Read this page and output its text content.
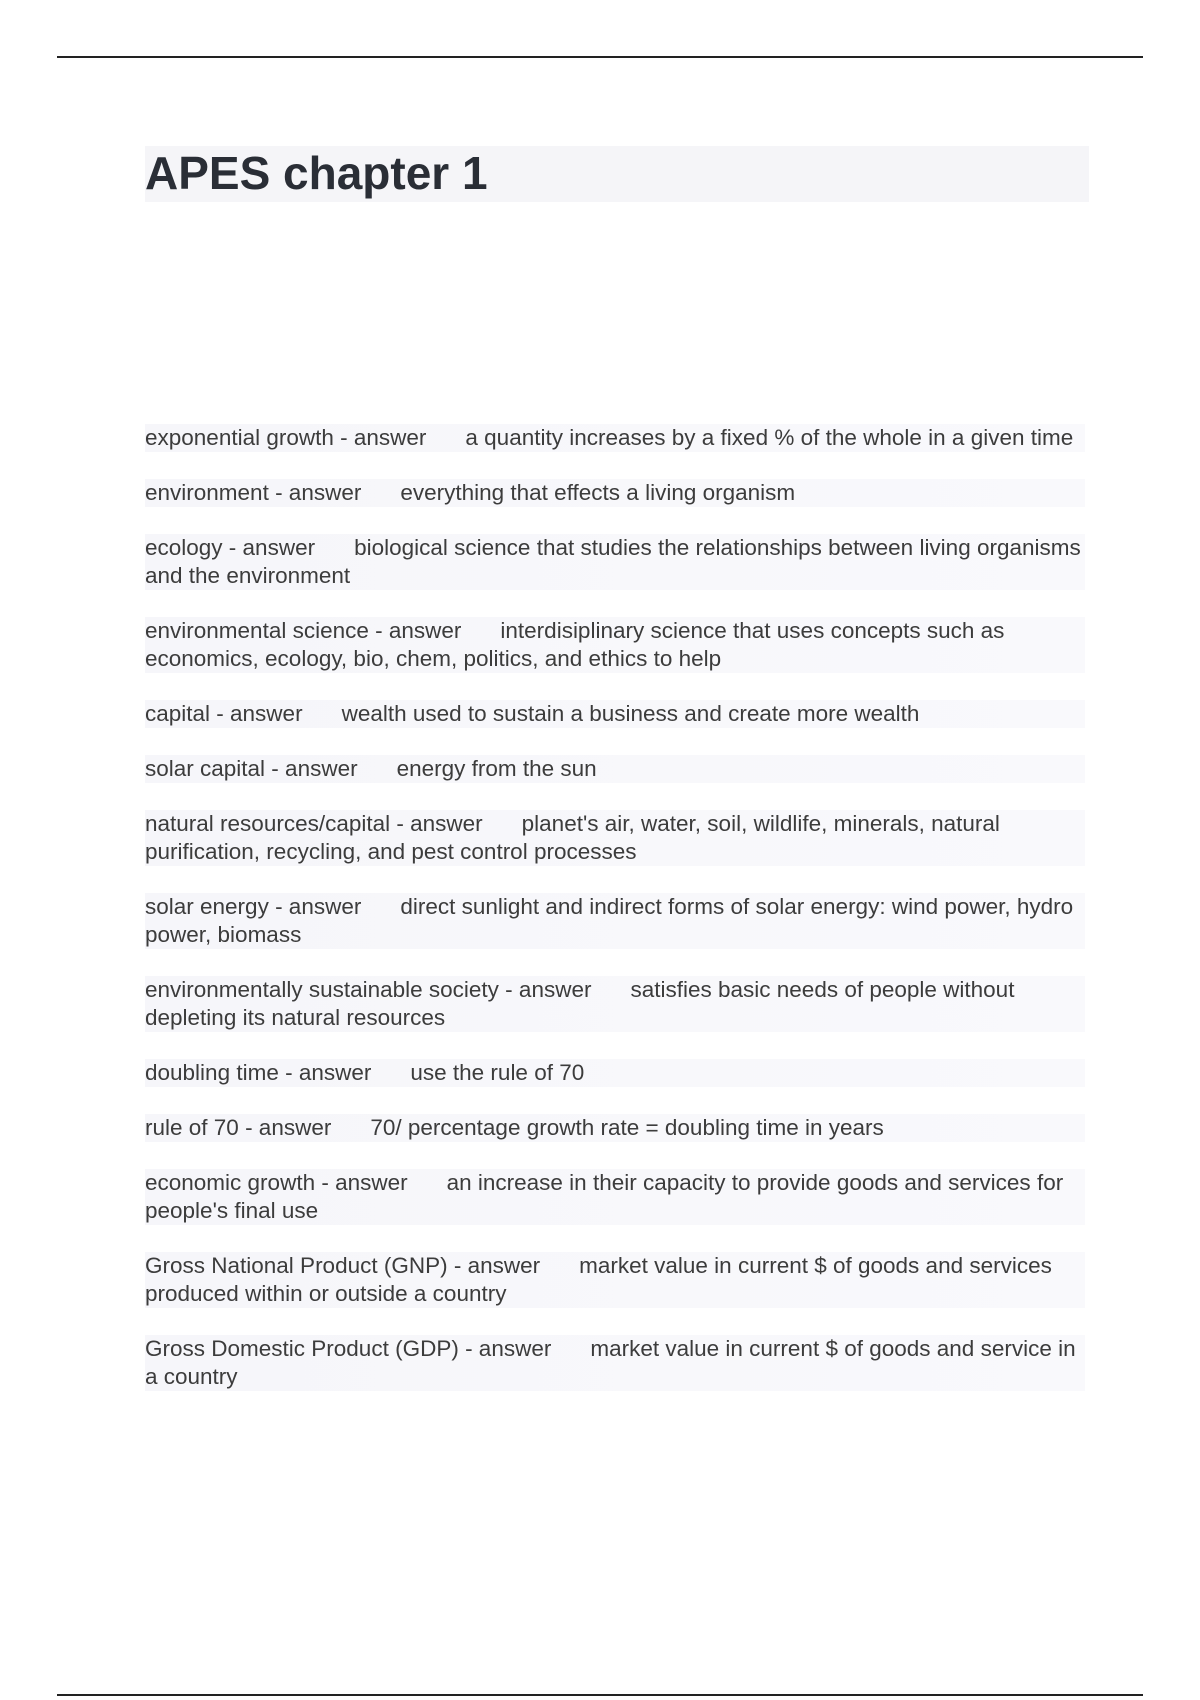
APES chapter 1
exponential growth - answer a quantity increases by a fixed % of the whole in a given time
environment - answer everything that effects a living organism
ecology - answer biological science that studies the relationships between living organisms and the environment
environmental science - answer interdisiplinary science that uses concepts such as economics, ecology, bio, chem, politics, and ethics to help
capital - answer wealth used to sustain a business and create more wealth
solar capital - answer energy from the sun
natural resources/capital - answer planet's air, water, soil, wildlife, minerals, natural purification, recycling, and pest control processes
solar energy - answer direct sunlight and indirect forms of solar energy: wind power, hydro power, biomass
environmentally sustainable society - answer satisfies basic needs of people without depleting its natural resources
doubling time - answer use the rule of 70
rule of 70 - answer 70/ percentage growth rate = doubling time in years
economic growth - answer an increase in their capacity to provide goods and services for people's final use
Gross National Product (GNP) - answer market value in current $ of goods and services produced within or outside a country
Gross Domestic Product (GDP) - answer market value in current $ of goods and service in a country
